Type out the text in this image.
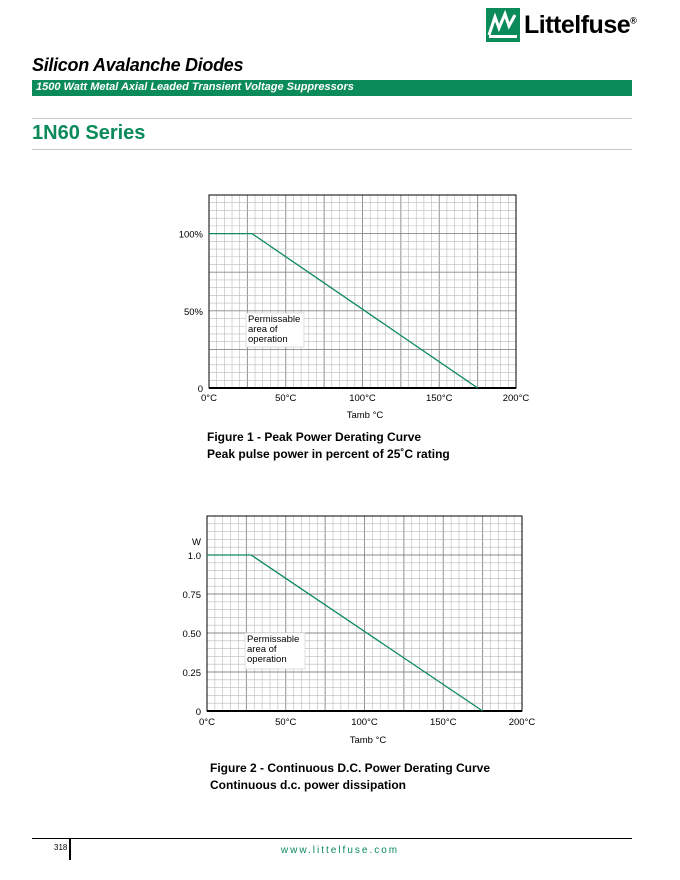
Littelfuse®
Silicon Avalanche Diodes
1500 Watt Metal Axial Leaded Transient Voltage Suppressors
1N60 Series
Permissable
area of
operation
0
50%
100%
0°C	50°C	100°C	150°C	200°C
Tamb °C
Permissable
area of
operation
0
0.25
0.50
0.75
1.0
W
0°C	50°C	100°C	150°C	200°C
Tamb °C
Figure 1 - Peak Power Derating Curve
Peak pulse power in percent of 25˚C rating
Figure 2 - Continuous D.C. Power Derating Curve
Continuous d.c. power dissipation
318	www.littelfuse.com
